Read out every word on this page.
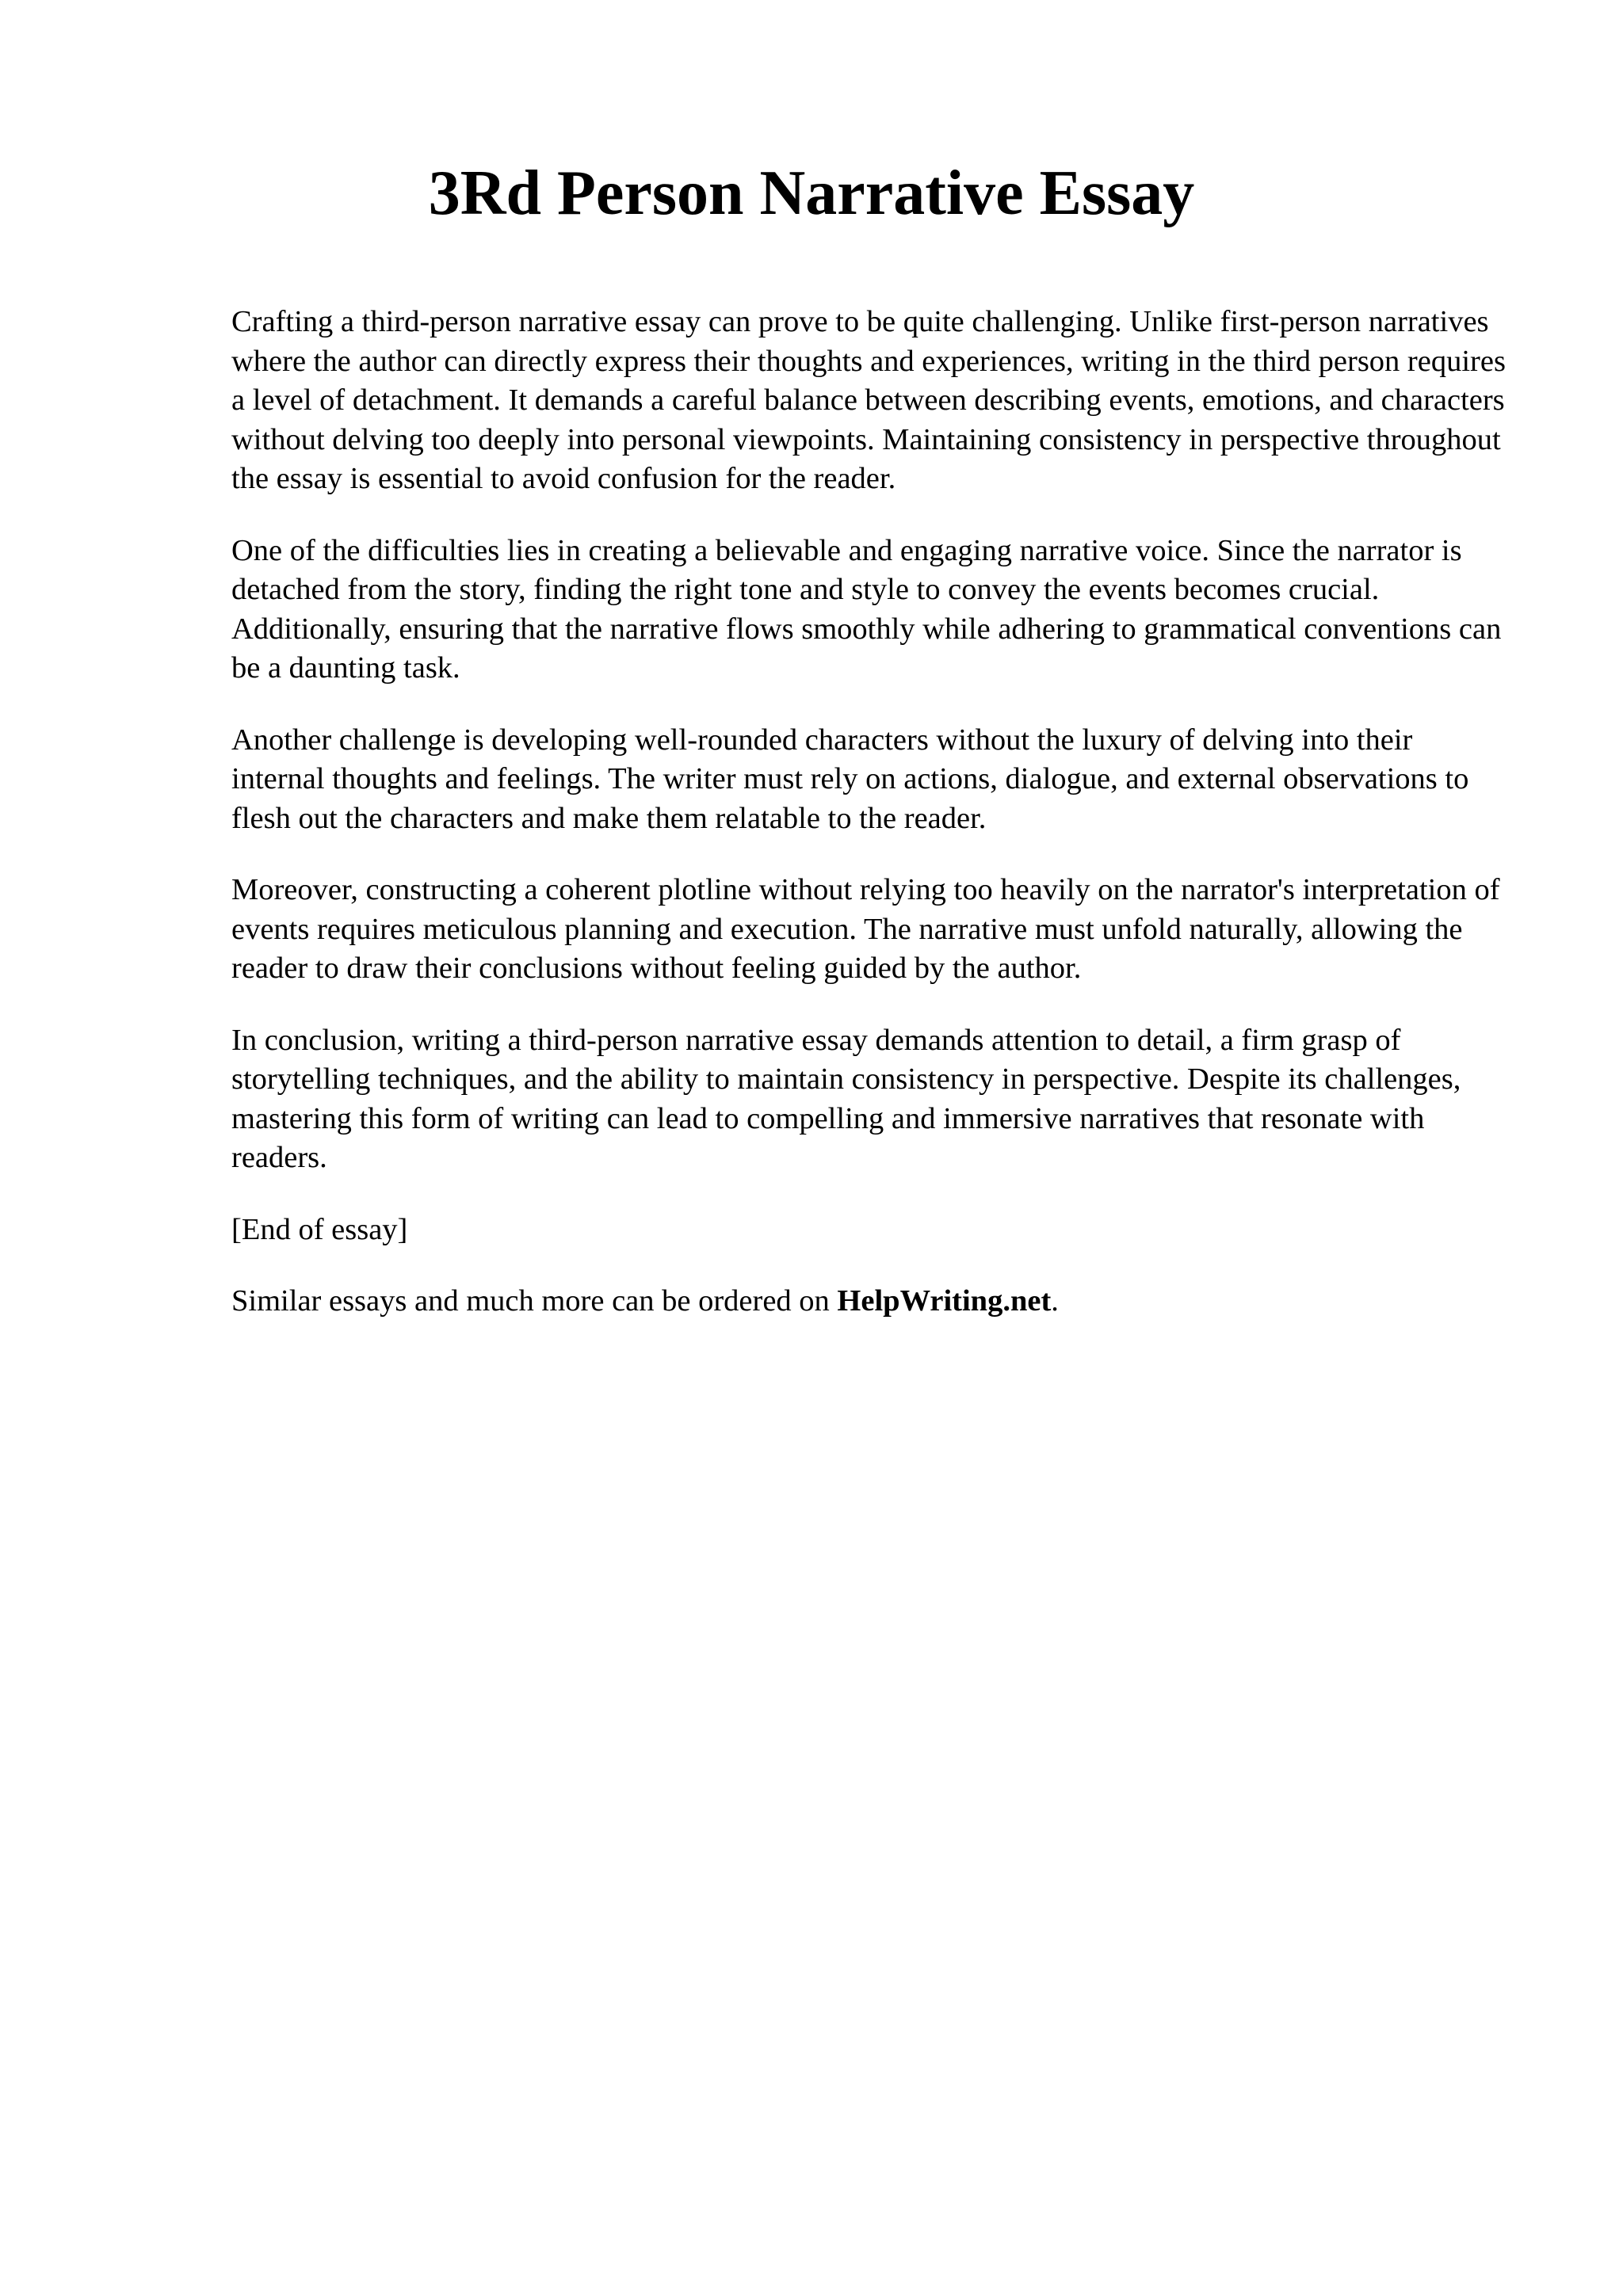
3Rd Person Narrative Essay

Crafting a third-person narrative essay can prove to be quite challenging. Unlike first-person narratives where the author can directly express their thoughts and experiences, writing in the third person requires a level of detachment. It demands a careful balance between describing events, emotions, and characters without delving too deeply into personal viewpoints. Maintaining consistency in perspective throughout the essay is essential to avoid confusion for the reader.

One of the difficulties lies in creating a believable and engaging narrative voice. Since the narrator is detached from the story, finding the right tone and style to convey the events becomes crucial. Additionally, ensuring that the narrative flows smoothly while adhering to grammatical conventions can be a daunting task.

Another challenge is developing well-rounded characters without the luxury of delving into their internal thoughts and feelings. The writer must rely on actions, dialogue, and external observations to flesh out the characters and make them relatable to the reader.

Moreover, constructing a coherent plotline without relying too heavily on the narrator's interpretation of events requires meticulous planning and execution. The narrative must unfold naturally, allowing the reader to draw their conclusions without feeling guided by the author.

In conclusion, writing a third-person narrative essay demands attention to detail, a firm grasp of storytelling techniques, and the ability to maintain consistency in perspective. Despite its challenges, mastering this form of writing can lead to compelling and immersive narratives that resonate with readers.

[End of essay]

Similar essays and much more can be ordered on HelpWriting.net.
